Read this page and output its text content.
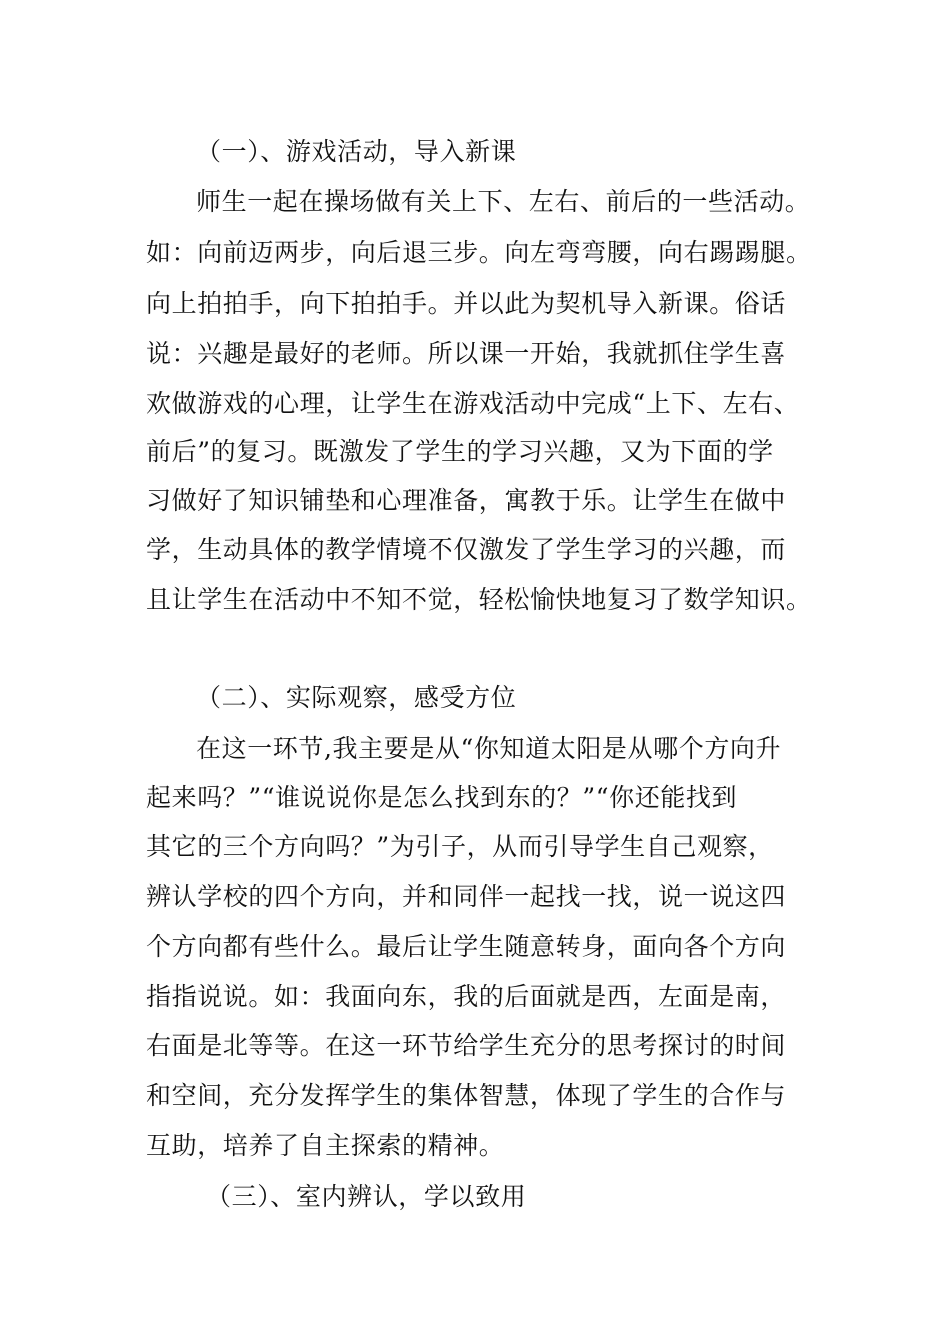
（一）、游戏活动，导入新课
师生一起在操场做有关上下、左右、前后的一些活动。
如：向前迈两步，向后退三步。向左弯弯腰，向右踢踢腿。
向上拍拍手，向下拍拍手。并以此为契机导入新课。俗话
说：兴趣是最好的老师。所以课一开始，我就抓住学生喜
欢做游戏的心理，让学生在游戏活动中完成“上下、左右、
前后”的复习。既激发了学生的学习兴趣，又为下面的学
习做好了知识铺垫和心理准备，寓教于乐。让学生在做中
学，生动具体的教学情境不仅激发了学生学习的兴趣，而
且让学生在活动中不知不觉，轻松愉快地复习了数学知识。
（二）、实际观察，感受方位
在这一环节,我主要是从“你知道太阳是从哪个方向升
起来吗？”“谁说说你是怎么找到东的？”“你还能找到
其它的三个方向吗？”为引子，从而引导学生自己观察，
辨认学校的四个方向，并和同伴一起找一找，说一说这四
个方向都有些什么。最后让学生随意转身，面向各个方向
指指说说。如：我面向东，我的后面就是西，左面是南，
右面是北等等。在这一环节给学生充分的思考探讨的时间
和空间，充分发挥学生的集体智慧，体现了学生的合作与
互助，培养了自主探索的精神。
（三）、室内辨认，学以致用
